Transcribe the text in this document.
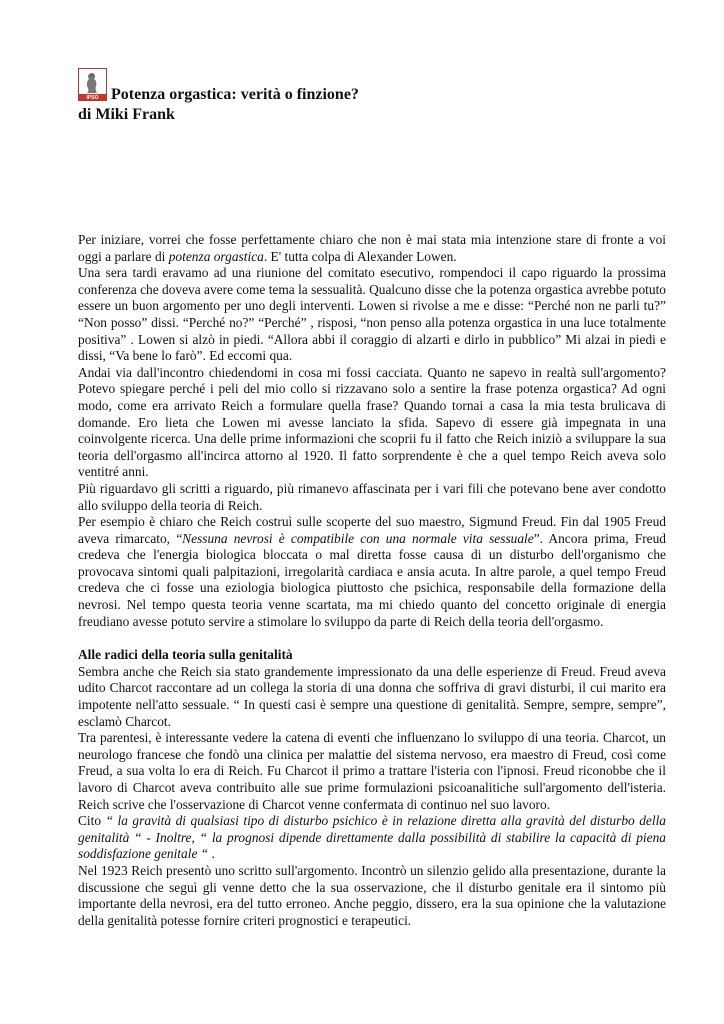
IPSO Potenza orgastica: verità o finzione?
di Miki Frank

Per iniziare, vorrei che fosse perfettamente chiaro che non è mai stata mia intenzione stare di fronte a voi oggi a parlare di potenza orgastica. E' tutta colpa di Alexander Lowen.

Una sera tardi eravamo ad una riunione del comitato esecutivo, rompendoci il capo riguardo la prossima conferenza che doveva avere come tema la sessualità. Qualcuno disse che la potenza orgastica avrebbe potuto essere un buon argomento per uno degli interventi. Lowen si rivolse a me e disse: “Perché non ne parli tu?” “Non posso” dissi. “Perché no?” “Perché” , risposi, “non penso alla potenza orgastica in una luce totalmente positiva” . Lowen si alzò in piedi. “Allora abbi il coraggio di alzarti e dirlo in pubblico” Mi alzai in piedi e dissi, “Va bene lo farò”. Ed eccomi qua.

Andai via dall'incontro chiedendomi in cosa mi fossi cacciata. Quanto ne sapevo in realtà sull'argomento? Potevo spiegare perché i peli del mio collo si rizzavano solo a sentire la frase potenza orgastica? Ad ogni modo, come era arrivato Reich a formulare quella frase? Quando tornai a casa la mia testa brulicava di domande. Ero lieta che Lowen mi avesse lanciato la sfida. Sapevo di essere già impegnata in una coinvolgente ricerca. Una delle prime informazioni che scoprii fu il fatto che Reich iniziò a sviluppare la sua teoria dell'orgasmo all'incirca attorno al 1920. Il fatto sorprendente è che a quel tempo Reich aveva solo ventitré anni.

Più riguardavo gli scritti a riguardo, più rimanevo affascinata per i vari fili che potevano bene aver condotto allo sviluppo della teoria di Reich.

Per esempio è chiaro che Reich costruì sulle scoperte del suo maestro, Sigmund Freud. Fin dal 1905 Freud aveva rimarcato, “Nessuna nevrosi è compatibile con una normale vita sessuale”. Ancora prima, Freud credeva che l'energia biologica bloccata o mal diretta fosse causa di un disturbo dell'organismo che provocava sintomi quali palpitazioni, irregolarità cardiaca e ansia acuta. In altre parole, a quel tempo Freud credeva che ci fosse una eziologia biologica piuttosto che psichica, responsabile della formazione della nevrosi. Nel tempo questa teoria venne scartata, ma mi chiedo quanto del concetto originale di energia freudiano avesse potuto servire a stimolare lo sviluppo da parte di Reich della teoria dell'orgasmo.

Alle radici della teoria sulla genitalità

Sembra anche che Reich sia stato grandemente impressionato da una delle esperienze di Freud. Freud aveva udito Charcot raccontare ad un collega la storia di una donna che soffriva di gravi disturbi, il cui marito era impotente nell'atto sessuale. “ In questi casi è sempre una questione di genitalità. Sempre, sempre, sempre”, esclamò Charcot.

Tra parentesi, è interessante vedere la catena di eventi che influenzano lo sviluppo di una teoria. Charcot, un neurologo francese che fondò una clinica per malattie del sistema nervoso, era maestro di Freud, così come Freud, a sua volta lo era di Reich. Fu Charcot il primo a trattare l'isteria con l'ipnosi. Freud riconobbe che il lavoro di Charcot aveva contribuito alle sue prime formulazioni psicoanalitiche sull'argomento dell'isteria. Reich scrive che l'osservazione di Charcot venne confermata di continuo nel suo lavoro.

Cito “ la gravità di qualsiasi tipo di disturbo psichico è in relazione diretta alla gravità del disturbo della genitalità “ - Inoltre, “ la prognosi dipende direttamente dalla possibilità di stabilire la capacità di piena soddisfazione genitale “ .

Nel 1923 Reich presentò uno scritto sull'argomento. Incontrò un silenzio gelido alla presentazione, durante la discussione che seguì gli venne detto che la sua osservazione, che il disturbo genitale era il sintomo più importante della nevrosi, era del tutto erroneo. Anche peggio, dissero, era la sua opinione che la valutazione della genitalità potesse fornire criteri prognostici e terapeutici.
